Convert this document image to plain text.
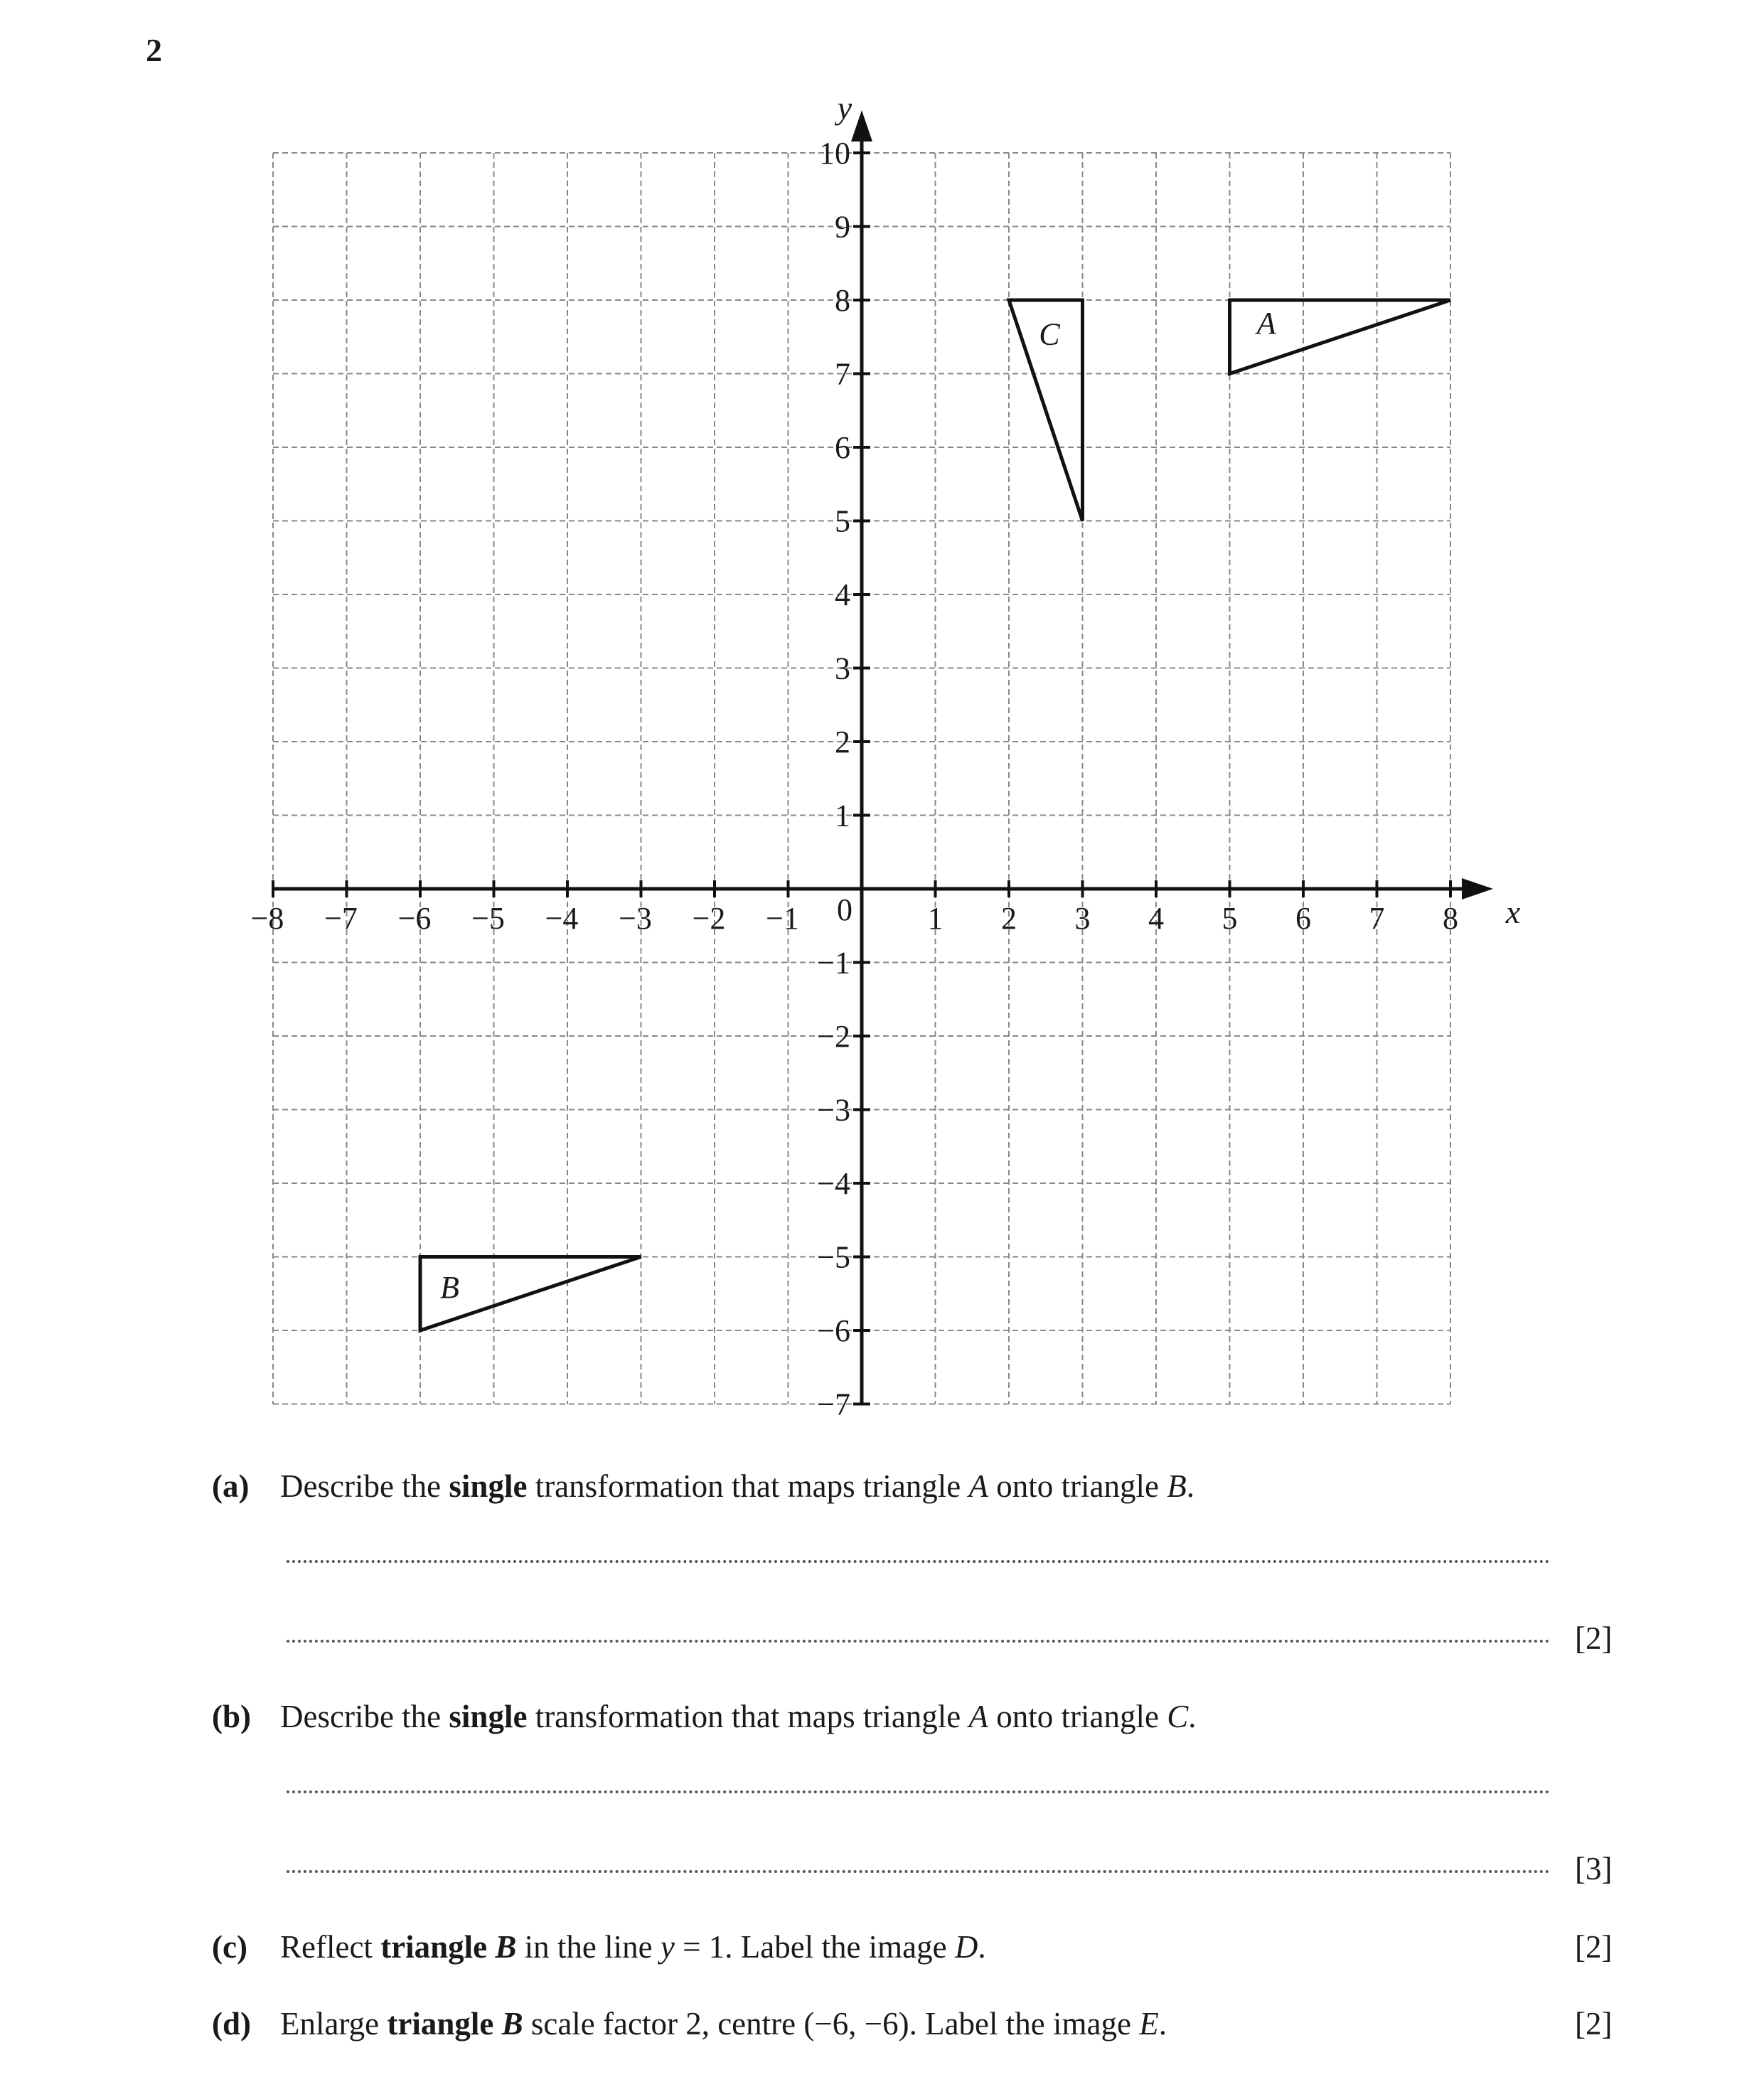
2
x
y
−8 −7 −6 −5 −4 −3 −2 −1	1 2 3 4 5 6 7 8
10
9
8
7
6
5
4
3
2
1
−1
−2
−3
−4
−5
−6
−7
0
A
B
C
(a) Describe the single transformation that maps triangle A onto triangle B.
[2]
(b) Describe the single transformation that maps triangle A onto triangle C.
[3]
(c) Reflect triangle B in the line y = 1. Label the image D.	[2]
(d) Enlarge triangle B scale factor 2, centre (−6, −6). Label the image E.	[2]
